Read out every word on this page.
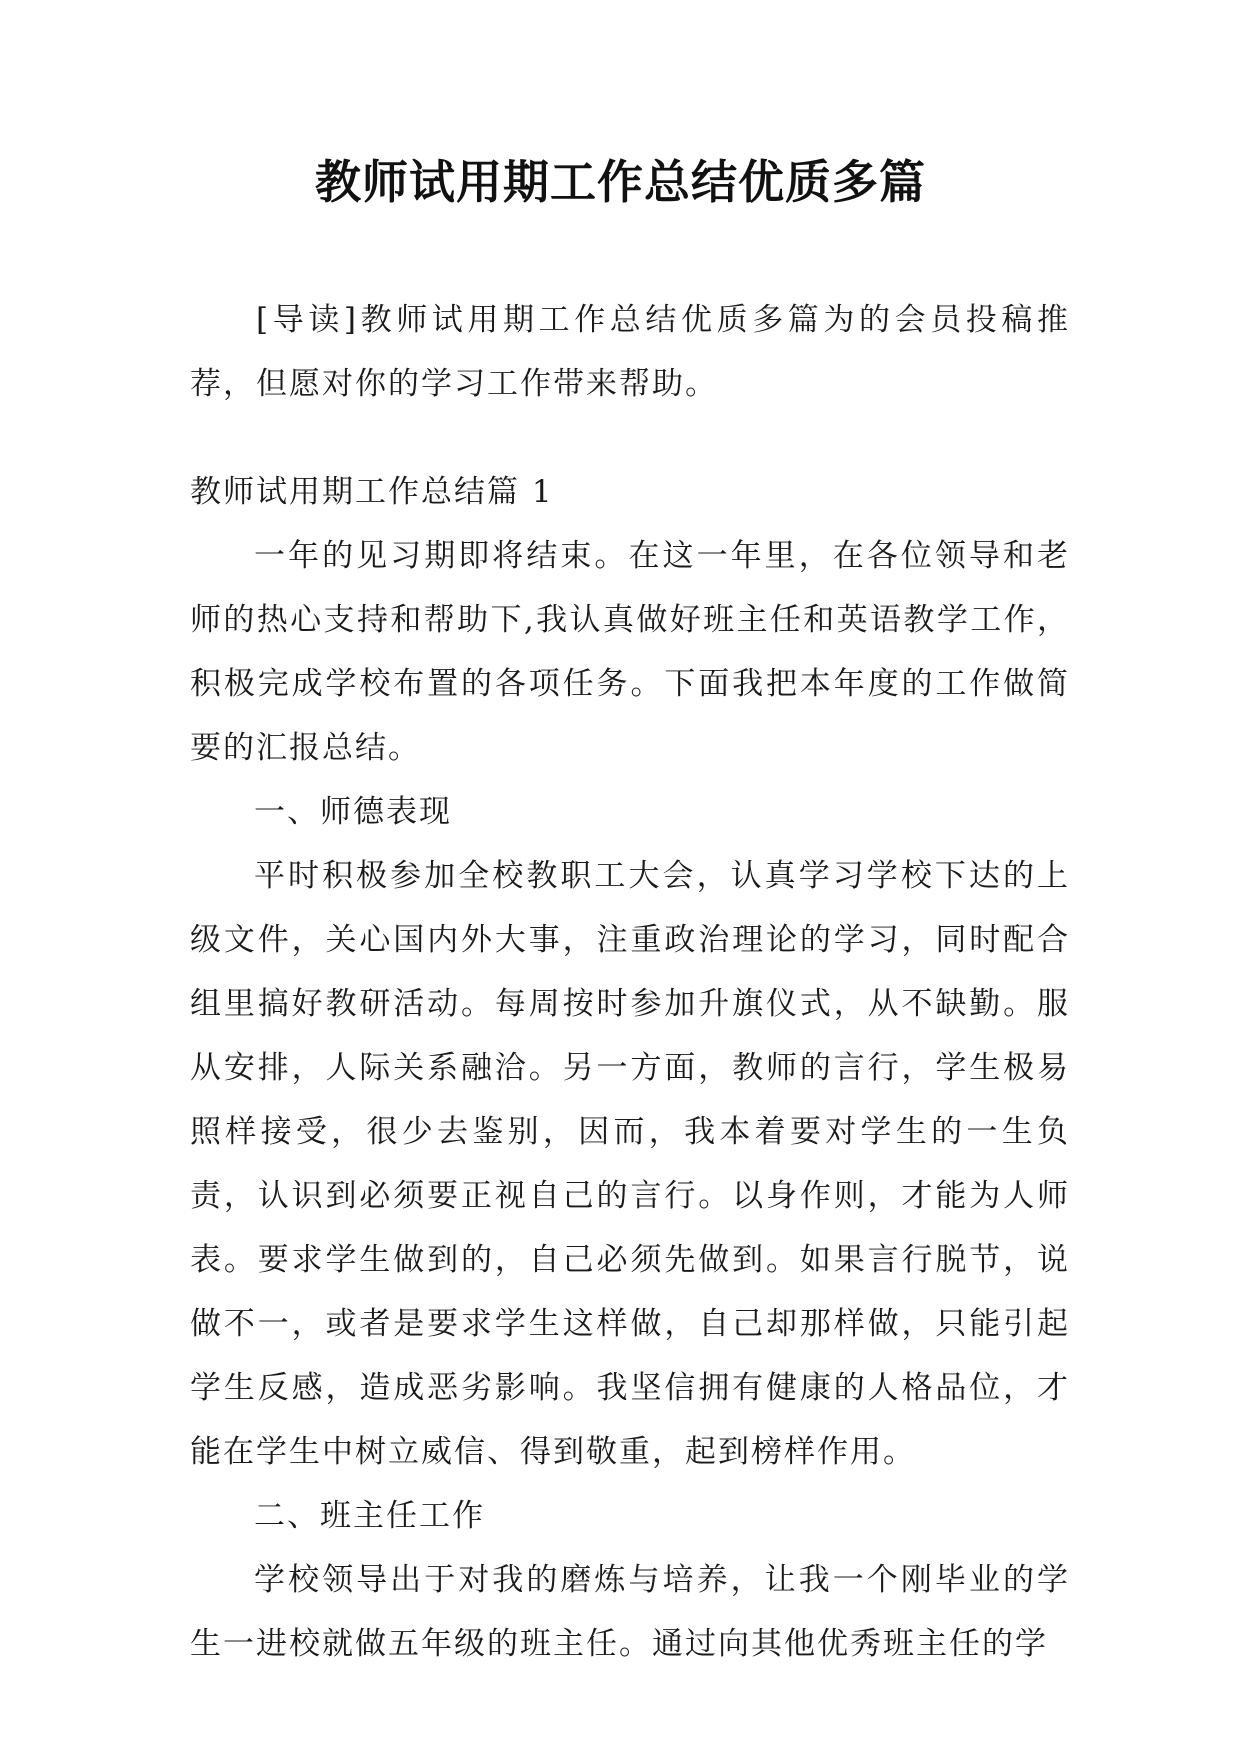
教师试用期工作总结优质多篇

[导读]教师试用期工作总结优质多篇为的会员投稿推荐，但愿对你的学习工作带来帮助。

教师试用期工作总结篇 1

一年的见习期即将结束。在这一年里，在各位领导和老师的热心支持和帮助下,我认真做好班主任和英语教学工作，积极完成学校布置的各项任务。下面我把本年度的工作做简要的汇报总结。

一、师德表现

平时积极参加全校教职工大会，认真学习学校下达的上级文件，关心国内外大事，注重政治理论的学习，同时配合组里搞好教研活动。每周按时参加升旗仪式，从不缺勤。服从安排，人际关系融洽。另一方面，教师的言行，学生极易照样接受，很少去鉴别，因而，我本着要对学生的一生负责，认识到必须要正视自己的言行。以身作则，才能为人师表。要求学生做到的，自己必须先做到。如果言行脱节，说做不一，或者是要求学生这样做，自己却那样做，只能引起学生反感，造成恶劣影响。我坚信拥有健康的人格品位，才能在学生中树立威信、得到敬重，起到榜样作用。

二、班主任工作

学校领导出于对我的磨炼与培养，让我一个刚毕业的学生一进校就做五年级的班主任。通过向其他优秀班主任的学
